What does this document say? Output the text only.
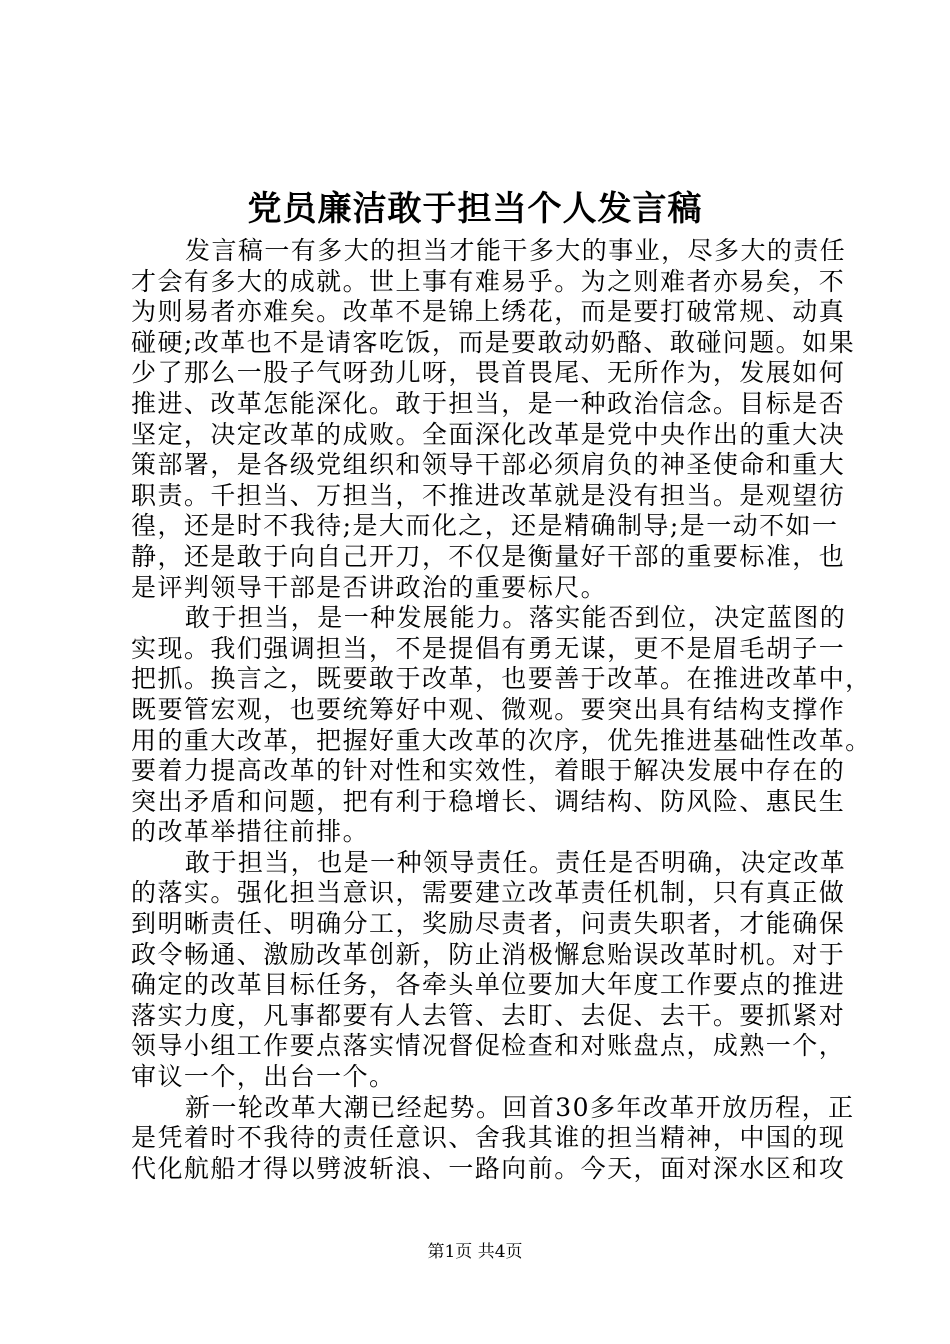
党员廉洁敢于担当个人发言稿
发言稿一有多大的担当才能干多大的事业，尽多大的责任
才会有多大的成就。世上事有难易乎。为之则难者亦易矣，不
为则易者亦难矣。改革不是锦上绣花，而是要打破常规、动真
碰硬;改革也不是请客吃饭，而是要敢动奶酪、敢碰问题。如果
少了那么一股子气呀劲儿呀，畏首畏尾、无所作为，发展如何
推进、改革怎能深化。敢于担当，是一种政治信念。目标是否
坚定，决定改革的成败。全面深化改革是党中央作出的重大决
策部署，是各级党组织和领导干部必须肩负的神圣使命和重大
职责。千担当、万担当，不推进改革就是没有担当。是观望彷
徨，还是时不我待;是大而化之，还是精确制导;是一动不如一
静，还是敢于向自己开刀，不仅是衡量好干部的重要标准，也
是评判领导干部是否讲政治的重要标尺。
敢于担当，是一种发展能力。落实能否到位，决定蓝图的
实现。我们强调担当，不是提倡有勇无谋，更不是眉毛胡子一
把抓。换言之，既要敢于改革，也要善于改革。在推进改革中，
既要管宏观，也要统筹好中观、微观。要突出具有结构支撑作
用的重大改革，把握好重大改革的次序，优先推进基础性改革。
要着力提高改革的针对性和实效性，着眼于解决发展中存在的
突出矛盾和问题，把有利于稳增长、调结构、防风险、惠民生
的改革举措往前排。
敢于担当，也是一种领导责任。责任是否明确，决定改革
的落实。强化担当意识，需要建立改革责任机制，只有真正做
到明晰责任、明确分工，奖励尽责者，问责失职者，才能确保
政令畅通、激励改革创新，防止消极懈怠贻误改革时机。对于
确定的改革目标任务，各牵头单位要加大年度工作要点的推进
落实力度，凡事都要有人去管、去盯、去促、去干。要抓紧对
领导小组工作要点落实情况督促检查和对账盘点，成熟一个，
审议一个，出台一个。
新一轮改革大潮已经起势。回首30多年改革开放历程，正
是凭着时不我待的责任意识、舍我其谁的担当精神，中国的现
代化航船才得以劈波斩浪、一路向前。今天，面对深水区和攻
第1页 共4页
